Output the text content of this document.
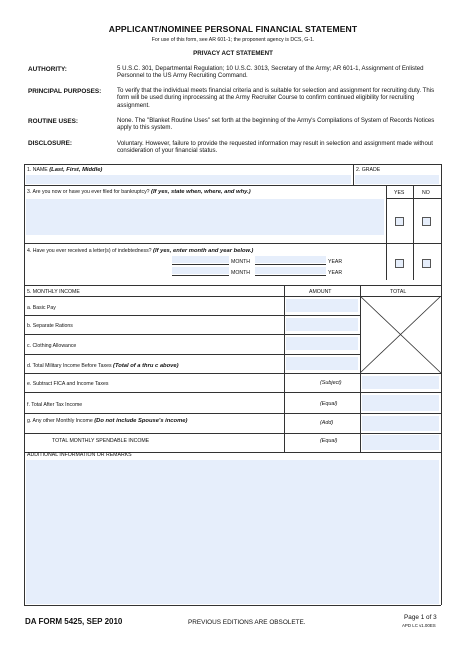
APPLICANT/NOMINEE PERSONAL FINANCIAL STATEMENT
For use of this form, see AR 601-1; the proponent agency is DCS, G-1.
PRIVACY ACT STATEMENT
AUTHORITY:	5 U.S.C. 301, Departmental Regulation; 10 U.S.C. 3013, Secretary of the Army; AR 601-1, Assignment of Enlisted Personnel to the US Army Recruiting Command.
PRINCIPAL PURPOSES:	To verify that the individual meets financial criteria and is suitable for selection and assignment for recruiting duty. This form will be used during inprocessing at the Army Recruiter Course to confirm continued eligibility for recruiting assignment.
ROUTINE USES:	None. The "Blanket Routine Uses" set forth at the beginning of the Army's Compilations of System of Records Notices apply to this system.
DISCLOSURE:	Voluntary. However, failure to provide the requested information may result in selection and assignment made without consideration of your financial status.
1. NAME (Last, First, Middle)	2. GRADE
3. Are you now or have you ever filed for bankruptcy? (If yes, state when, where, and why.)	YES	NO
4. Have you ever received a letter(s) of indebtedness? (If yes, enter month and year below.)
MONTH	YEAR
MONTH	YEAR
5. MONTHLY INCOME	AMOUNT	TOTAL
a. Basic Pay
b. Separate Rations
c. Clothing Allowance
d. Total Military Income Before Taxes (Total of a thru c above)
e. Subtract FICA and Income Taxes	(Subject)
f. Total After Tax Income	(Equal)
g. Any other Monthly Income (Do not include Spouse's income)	(Add)
TOTAL MONTHLY SPENDABLE INCOME	(Equal)
ADDITIONAL INFORMATION OR REMARKS
DA FORM 5425, SEP 2010	PREVIOUS EDITIONS ARE OBSOLETE.
Page 1 of 3
APD LC v1.00ES
